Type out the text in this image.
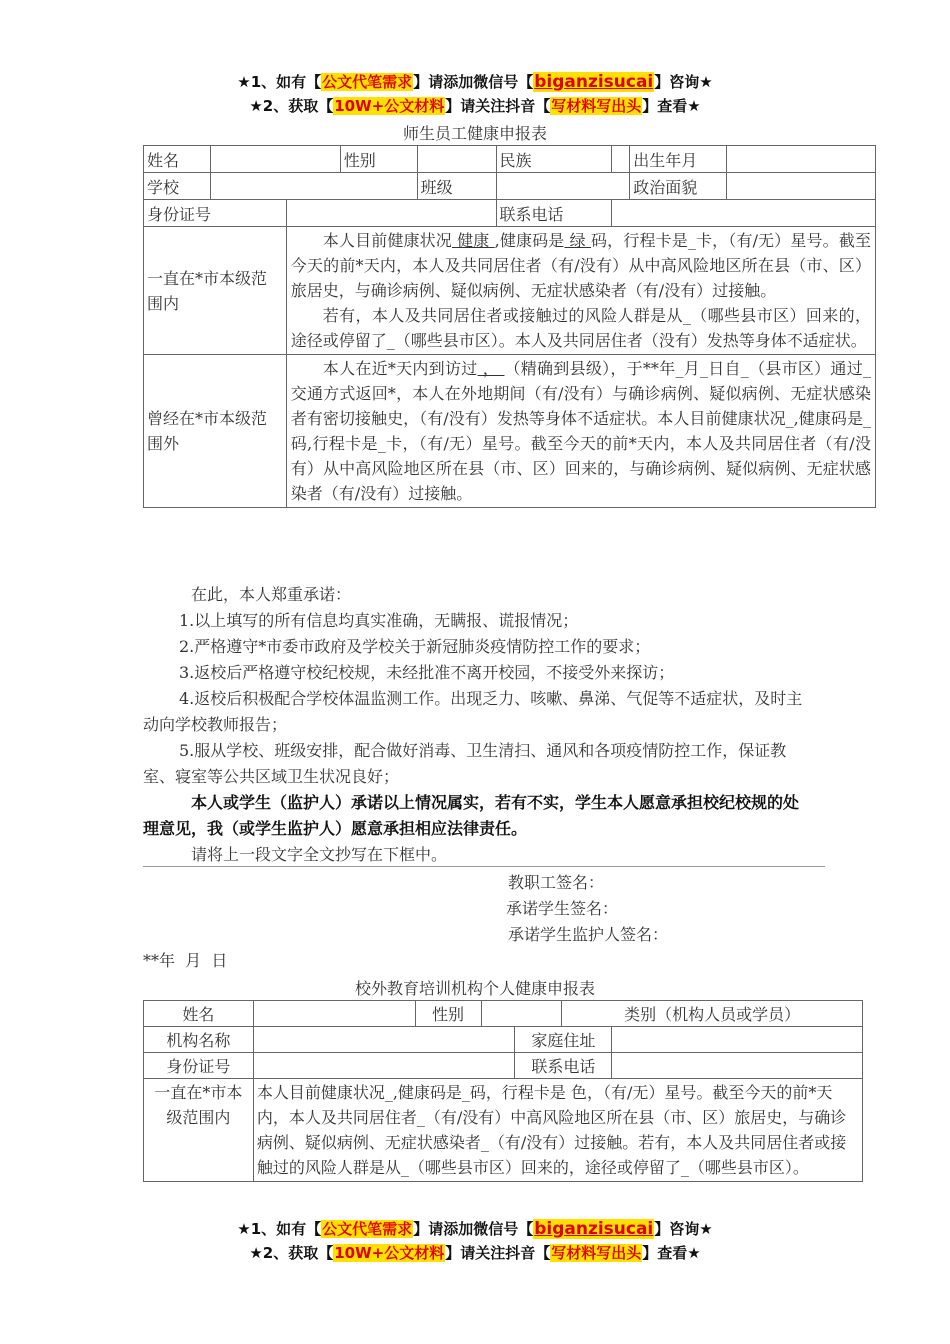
★1、如有【公文代笔需求】请添加微信号【biganzisucai】咨询★
★2、获取【10W+公文材料】请关注抖音【写材料写出头】查看★
师生员工健康申报表
姓名			性别		民族		出生年月	
学校				班级			政治面貌	
身份证号					联系电话			
一直在*市本级范围内		本人目前健康状况 健康 ,健康码是 绿 码，行程卡是_卡，（有/无）星号。截至今天的前*天内，本人及共同居住者（有/没有）从中高风险地区所在县（市、区）旅居史，与确诊病例、疑似病例、无症状感染者（有/没有）过接触。

若有，本人及共同居住者或接触过的风险人群是从_（哪些县市区）回来的，途径或停留了_（哪些县市区）。本人及共同居住者（没有）发热等身体不适症状。						

曾经在*市本级范围外		本人在近*天内到访过 ， （精确到县级），于**年_月_日自_（县市区）通过_交通方式返回*，本人在外地期间（有/没有）与确诊病例、疑似病例、无症状感染者有密切接触史，（有/没有）发热等身体不适症状。本人目前健康状况_,健康码是_码,行程卡是_卡，（有/无）星号。截至今天的前*天内，本人及共同居住者（有/没有）从中高风险地区所在县（市、区）回来的，与确诊病例、疑似病例、无症状感染者（有/没有）过接触。						

在此，本人郑重承诺：
1.以上填写的所有信息均真实准确，无瞒报、谎报情况；
2.严格遵守*市委市政府及学校关于新冠肺炎疫情防控工作的要求；
3.返校后严格遵守校纪校规，未经批准不离开校园，不接受外来探访；
4.返校后积极配合学校体温监测工作。出现乏力、咳嗽、鼻涕、气促等不适症状，及时主动向学校教师报告；
5.服从学校、班级安排，配合做好消毒、卫生清扫、通风和各项疫情防控工作，保证教室、寝室等公共区域卫生状况良好；
本人或学生（监护人）承诺以上情况属实，若有不实，学生本人愿意承担校纪校规的处理意见，我（或学生监护人）愿意承担相应法律责任。
请将上一段文字全文抄写在下框中。
教职工签名：
承诺学生签名：
承诺学生监护人签名：
**年  月  日
校外教育培训机构个人健康申报表
姓名		性别			类别（机构人员或学员）	
机构名称				家庭住址		
身份证号				联系电话		
一直在*市本级范围内	本人目前健康状况_,健康码是_码，行程卡是 色，（有/无）星号。截至今天的前*天内，本人及共同居住者_（有/没有）中高风险地区所在县（市、区）旅居史，与确诊病例、疑似病例、无症状感染者_（有/没有）过接触。若有，本人及共同居住者或接触过的风险人群是从_（哪些县市区）回来的，途径或停留了_（哪些县市区）。					
★1、如有【公文代笔需求】请添加微信号【biganzisucai】咨询★
★2、获取【10W+公文材料】请关注抖音【写材料写出头】查看★
